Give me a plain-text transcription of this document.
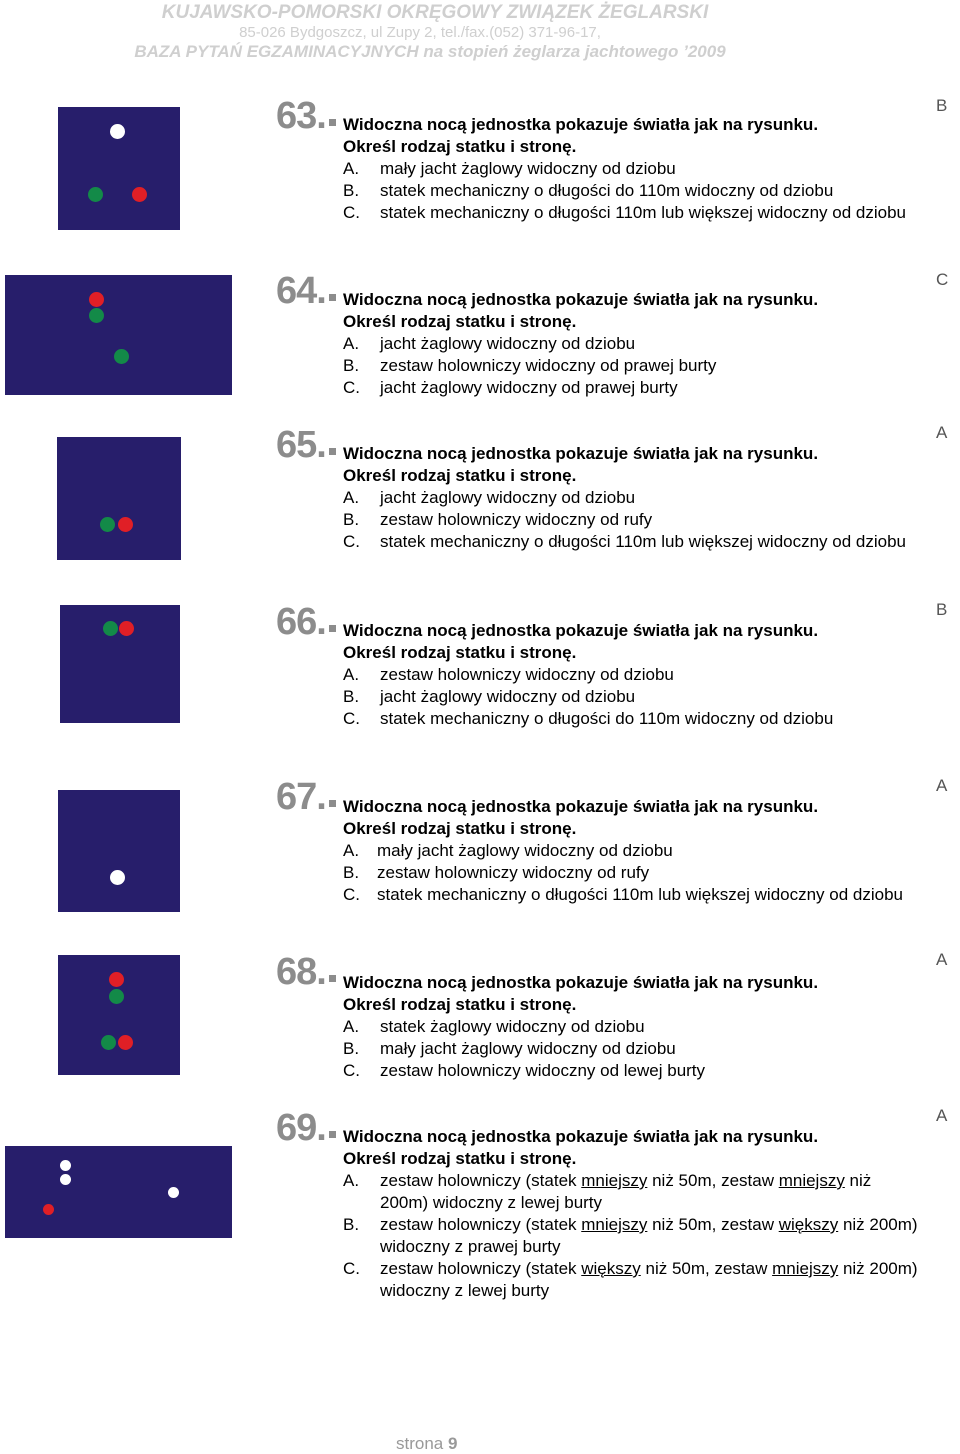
KUJAWSKO-POMORSKI OKRĘGOWY ZWIĄZEK ŻEGLARSKI
85-026 Bydgoszcz, ul Zupy 2, tel./fax.(052) 371-96-17,
BAZA PYTAŃ EGZAMINACYJNYCH na stopień żeglarza jachtowego ’2009
63.	Widoczna nocą jednostka pokazuje światła jak na rysunku.
Określ rodzaj statku i stronę.
A.	mały jacht żaglowy widoczny od dziobu
B.	statek mechaniczny o długości do 110m widoczny od dziobu
C.	statek mechaniczny o długości 110m lub większej widoczny od dziobu
B
64.	Widoczna nocą jednostka pokazuje światła jak na rysunku.
Określ rodzaj statku i stronę.
A.	jacht żaglowy widoczny od dziobu
B.	zestaw holowniczy widoczny od prawej burty
C.	jacht żaglowy widoczny od prawej burty
C
65.	Widoczna nocą jednostka pokazuje światła jak na rysunku.
Określ rodzaj statku i stronę.
A.	jacht żaglowy widoczny od dziobu
B.	zestaw holowniczy widoczny od rufy
C.	statek mechaniczny o długości 110m lub większej widoczny od dziobu
A
66.	Widoczna nocą jednostka pokazuje światła jak na rysunku.
Określ rodzaj statku i stronę.
A.	zestaw holowniczy widoczny od dziobu
B.	jacht żaglowy widoczny od dziobu
C.	statek mechaniczny o długości do 110m widoczny od dziobu
B
67.	Widoczna nocą jednostka pokazuje światła jak na rysunku.
Określ rodzaj statku i stronę.
A.	mały jacht żaglowy widoczny od dziobu
B.	zestaw holowniczy widoczny od rufy
C.	statek mechaniczny o długości 110m lub większej widoczny od dziobu
A
68.	Widoczna nocą jednostka pokazuje światła jak na rysunku.
Określ rodzaj statku i stronę.
A.	statek żaglowy widoczny od dziobu
B.	mały jacht żaglowy widoczny od dziobu
C.	zestaw holowniczy widoczny od lewej burty
A
69.	Widoczna nocą jednostka pokazuje światła jak na rysunku.
Określ rodzaj statku i stronę.
A.	zestaw holowniczy (statek mniejszy niż 50m, zestaw mniejszy niż 200m) widoczny z lewej burty
B.	zestaw holowniczy (statek mniejszy niż 50m, zestaw większy niż 200m) widoczny z prawej burty
C.	zestaw holowniczy (statek większy niż 50m, zestaw mniejszy niż 200m) widoczny z lewej burty
A
strona 9
